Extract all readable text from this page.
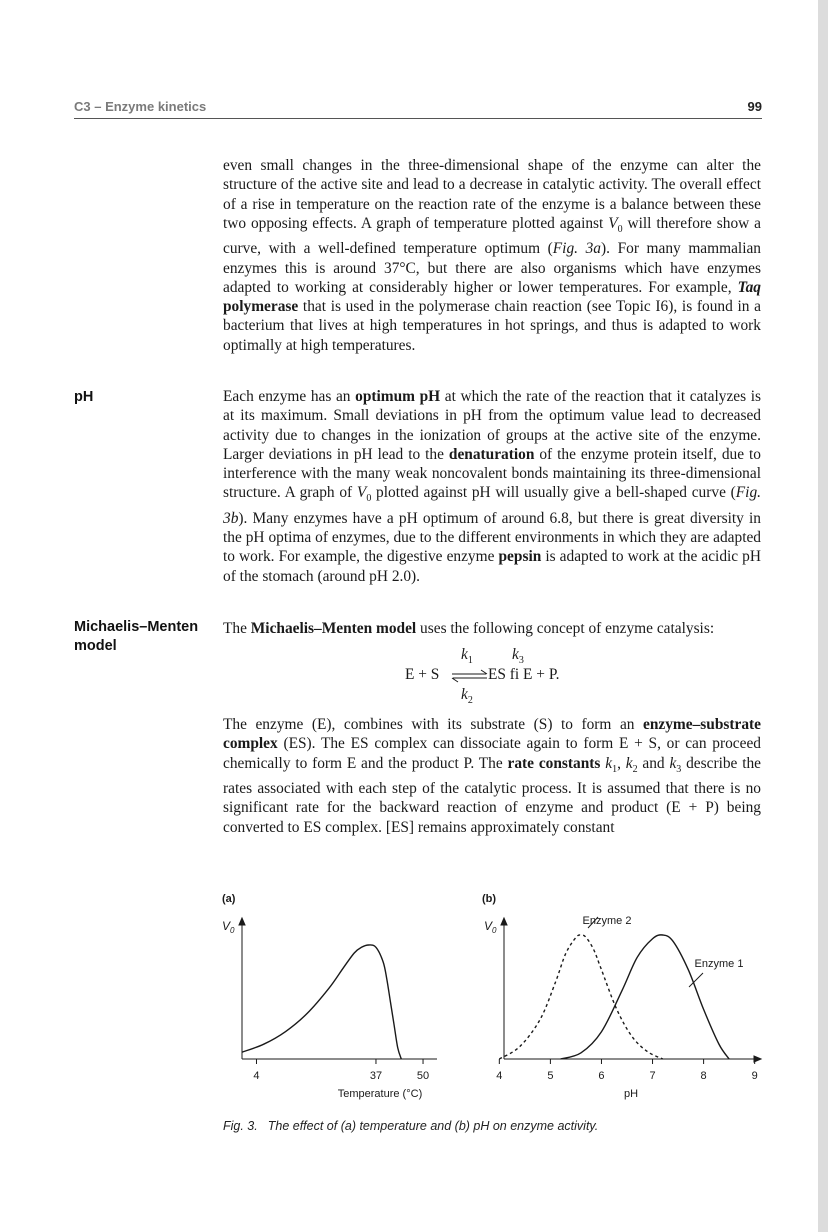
C3 – Enzyme kinetics	99

even small changes in the three-dimensional shape of the enzyme can alter the structure of the active site and lead to a decrease in catalytic activity. The overall effect of a rise in temperature on the reaction rate of the enzyme is a balance between these two opposing effects. A graph of temperature plotted against $V_0$ will therefore show a curve, with a well-defined temperature optimum (Fig. 3a). For many mammalian enzymes this is around 37°C, but there are also organisms which have enzymes adapted to working at considerably higher or lower temperatures. For example, Taq polymerase that is used in the polymerase chain reaction (see Topic I6), is found in a bacterium that lives at high temperatures in hot springs, and thus is adapted to work optimally at high temperatures.

pH	Each enzyme has an optimum pH at which the rate of the reaction that it catalyzes is at its maximum. Small deviations in pH from the optimum value lead to decreased activity due to changes in the ionization of groups at the active site of the enzyme. Larger deviations in pH lead to the denaturation of the enzyme protein itself, due to interference with the many weak noncovalent bonds maintaining its three-dimensional structure. A graph of $V_0$ plotted against pH will usually give a bell-shaped curve (Fig. 3b). Many enzymes have a pH optimum of around 6.8, but there is great diversity in the pH optima of enzymes, due to the different environments in which they are adapted to work. For example, the digestive enzyme pepsin is adapted to work at the acidic pH of the stomach (around pH 2.0).

Michaelis–Menten
model

The Michaelis–Menten model uses the following concept of enzyme catalysis:

$k_1$	$k_3$
E + S ⇌
ES fi E + P.
$k_2$

The enzyme (E), combines with its substrate (S) to form an enzyme–substrate complex (ES). The ES complex can dissociate again to form E + S, or can proceed chemically to form E and the product P. The rate constants $k_1$, $k_2$ and $k_3$ describe the rates associated with each step of the catalytic process. It is assumed that there is no significant rate for the backward reaction of enzyme and product (E + P) being converted to ES complex. [ES] remains approximately constant

(a)	(b)
$V_0$	$V_0$
Temperature (°C)	pH
Enzyme 2
Enzyme 1
4	37	50	4	5	6	7	8	9
Fig. 3. The effect of (a) temperature and (b) pH on enzyme activity.
